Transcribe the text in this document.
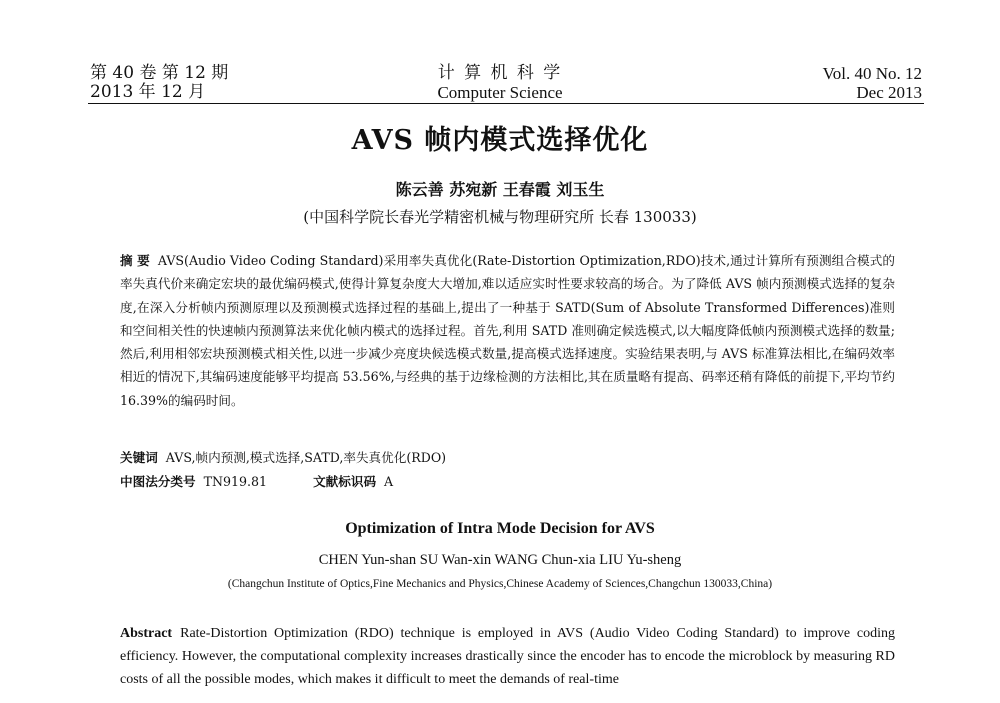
第 40 卷 第 12 期
2013 年 12 月
计 算 机 科 学
Computer Science
Vol. 40 No. 12
Dec 2013
AVS 帧内模式选择优化
陈云善 苏宛新 王春霞 刘玉生
(中国科学院长春光学精密机械与物理研究所 长春 130033)
摘 要 AVS(Audio Video Coding Standard)采用率失真优化(Rate-Distortion Optimization,RDO)技术,通过计算所有预测组合模式的率失真代价来确定宏块的最优编码模式,使得计算复杂度大大增加,难以适应实时性要求较高的场合。为了降低 AVS 帧内预测模式选择的复杂度,在深入分析帧内预测原理以及预测模式选择过程的基础上,提出了一种基于 SATD(Sum of Absolute Transformed Differences)准则和空间相关性的快速帧内预测算法来优化帧内模式的选择过程。首先,利用 SATD 准则确定候选模式,以大幅度降低帧内预测模式选择的数量;然后,利用相邻宏块预测模式相关性,以进一步减少亮度块候选模式数量,提高模式选择速度。实验结果表明,与 AVS 标准算法相比,在编码效率相近的情况下,其编码速度能够平均提高 53.56%,与经典的基于边缘检测的方法相比,其在质量略有提高、码率还稍有降低的前提下,平均节约 16.39%的编码时间。
关键词 AVS,帧内预测,模式选择,SATD,率失真优化(RDO)
中图法分类号 TN919.81	文献标识码 A
Optimization of Intra Mode Decision for AVS
CHEN Yun-shan SU Wan-xin WANG Chun-xia LIU Yu-sheng
(Changchun Institute of Optics,Fine Mechanics and Physics,Chinese Academy of Sciences,Changchun 130033,China)
Abstract Rate-Distortion Optimization (RDO) technique is employed in AVS (Audio Video Coding Standard) to improve coding efficiency. However, the computational complexity increases drastically since the encoder has to encode the microblock by measuring RD costs of all the possible modes, which makes it difficult to meet the demands of real-time
